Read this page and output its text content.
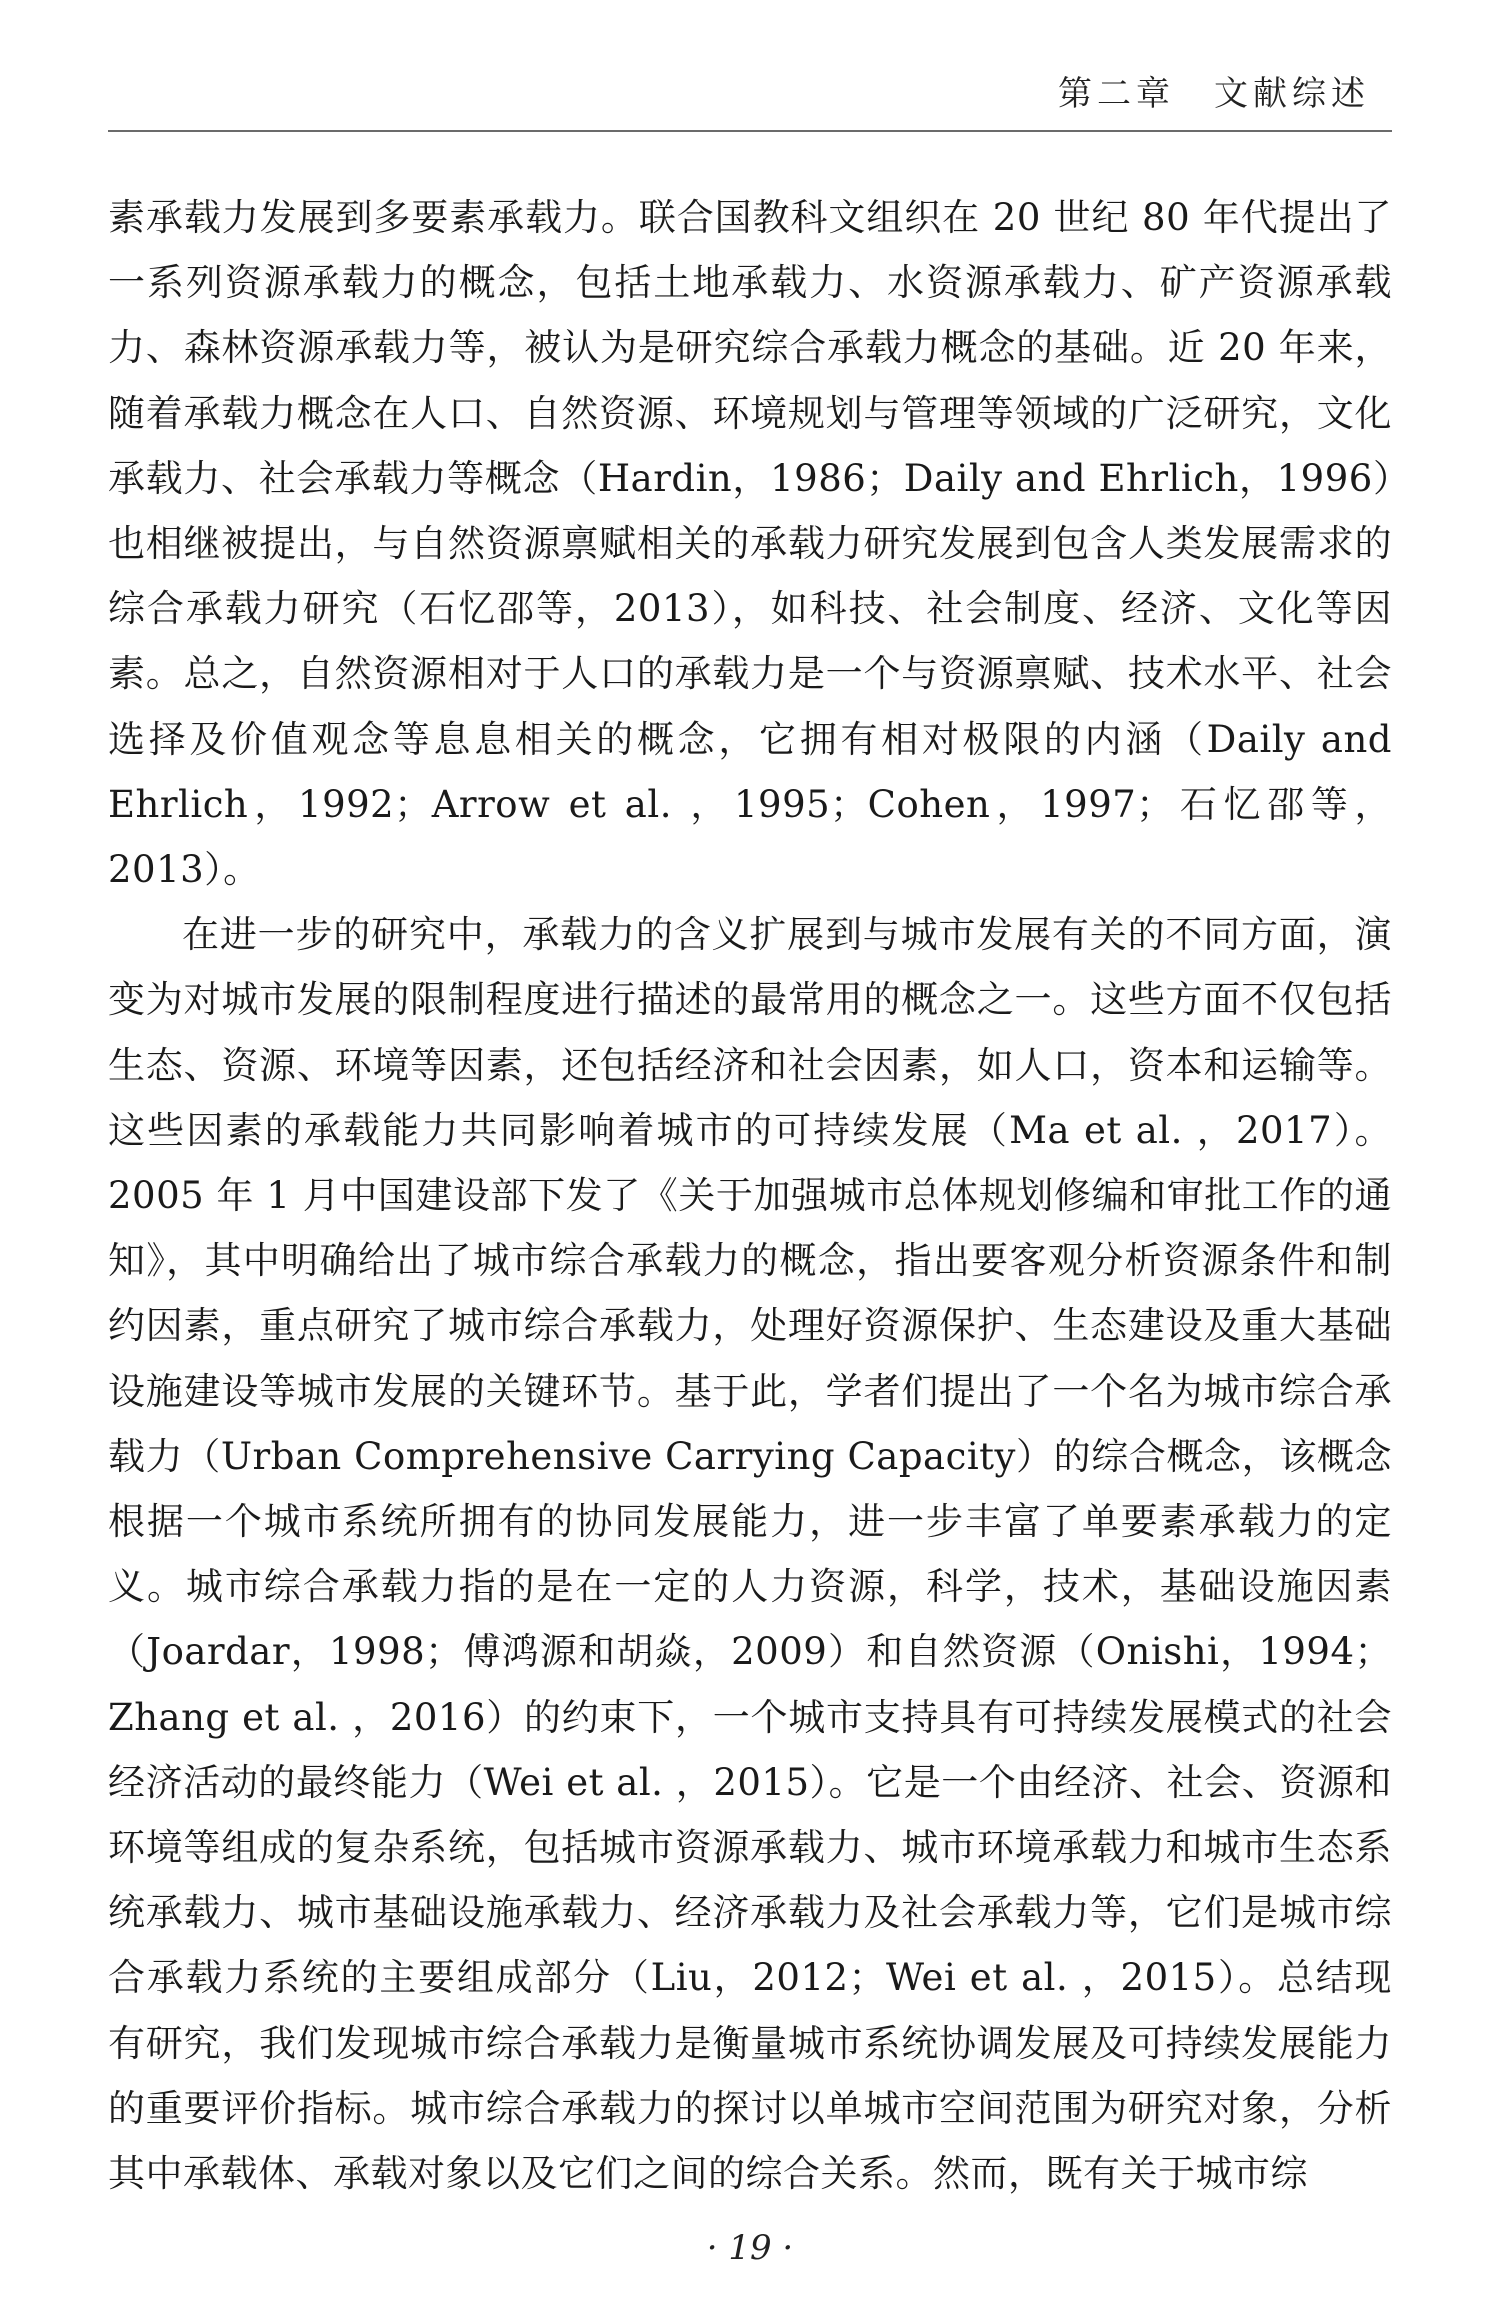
第二章　文献综述

素承载力发展到多要素承载力。联合国教科文组织在 20 世纪 80 年代提出了一系列资源承载力的概念，包括土地承载力、水资源承载力、矿产资源承载力、森林资源承载力等，被认为是研究综合承载力概念的基础。近 20 年来，随着承载力概念在人口、自然资源、环境规划与管理等领域的广泛研究，文化承载力、社会承载力等概念（Hardin，1986；Daily and Ehrlich，1996）也相继被提出，与自然资源禀赋相关的承载力研究发展到包含人类发展需求的综合承载力研究（石忆邵等，2013），如科技、社会制度、经济、文化等因素。总之，自然资源相对于人口的承载力是一个与资源禀赋、技术水平、社会选择及价值观念等息息相关的概念，它拥有相对极限的内涵（Daily and Ehrlich，1992；Arrow et al. ，1995；Cohen，1997；石忆邵等，2013）。

在进一步的研究中，承载力的含义扩展到与城市发展有关的不同方面，演变为对城市发展的限制程度进行描述的最常用的概念之一。这些方面不仅包括生态、资源、环境等因素，还包括经济和社会因素，如人口，资本和运输等。这些因素的承载能力共同影响着城市的可持续发展（Ma et al. ，2017）。2005 年 1 月中国建设部下发了《关于加强城市总体规划修编和审批工作的通知》，其中明确给出了城市综合承载力的概念，指出要客观分析资源条件和制约因素，重点研究了城市综合承载力，处理好资源保护、生态建设及重大基础设施建设等城市发展的关键环节。基于此，学者们提出了一个名为城市综合承载力（Urban Comprehensive Carrying Capacity）的综合概念，该概念根据一个城市系统所拥有的协同发展能力，进一步丰富了单要素承载力的定义。城市综合承载力指的是在一定的人力资源，科学，技术，基础设施因素（Joardar，1998；傅鸿源和胡焱，2009）和自然资源（Onishi，1994；Zhang et al. ，2016）的约束下，一个城市支持具有可持续发展模式的社会经济活动的最终能力（Wei et al. ，2015）。它是一个由经济、社会、资源和环境等组成的复杂系统，包括城市资源承载力、城市环境承载力和城市生态系统承载力、城市基础设施承载力、经济承载力及社会承载力等，它们是城市综合承载力系统的主要组成部分（Liu，2012；Wei et al. ，2015）。总结现有研究，我们发现城市综合承载力是衡量城市系统协调发展及可持续发展能力的重要评价指标。城市综合承载力的探讨以单城市空间范围为研究对象，分析其中承载体、承载对象以及它们之间的综合关系。然而，既有关于城市综

· 19 ·
